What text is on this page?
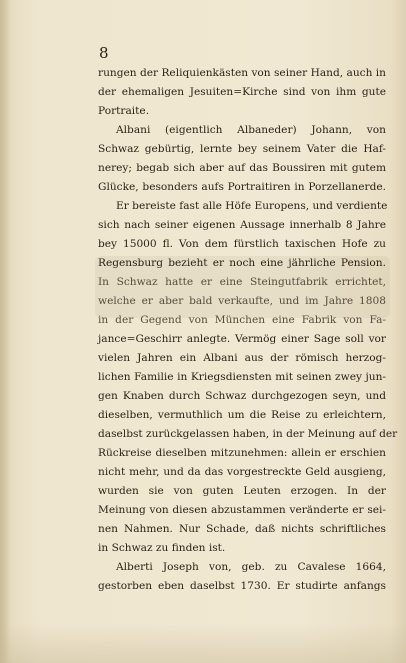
8
rungen der Reliquienkästen von seiner Hand, auch in
der ehemaligen Jesuiten=Kirche sind von ihm gute
Portraite.
Albani (eigentlich Albaneder) Johann, von
Schwaz gebürtig, lernte bey seinem Vater die Haf-
nerey; begab sich aber auf das Boussiren mit gutem
Glücke, besonders aufs Portraitiren in Porzellanerde.
Er bereiste fast alle Höfe Europens, und verdiente
sich nach seiner eigenen Aussage innerhalb 8 Jahre
bey 15000 fl. Von dem fürstlich taxischen Hofe zu
Regensburg bezieht er noch eine jährliche Pension.
In Schwaz hatte er eine Steingutfabrik errichtet,
welche er aber bald verkaufte, und im Jahre 1808
in der Gegend von München eine Fabrik von Fa-
jance=Geschirr anlegte. Vermög einer Sage soll vor
vielen Jahren ein Albani aus der römisch herzog-
lichen Familie in Kriegsdiensten mit seinen zwey jun-
gen Knaben durch Schwaz durchgezogen seyn, und
dieselben, vermuthlich um die Reise zu erleichtern,
daselbst zurückgelassen haben, in der Meinung auf der
Rückreise dieselben mitzunehmen: allein er erschien
nicht mehr, und da das vorgestreckte Geld ausgieng,
wurden sie von guten Leuten erzogen. In der
Meinung von diesen abzustammen veränderte er sei-
nen Nahmen. Nur Schade, daß nichts schriftliches
in Schwaz zu finden ist.
Alberti Joseph von, geb. zu Cavalese 1664,
gestorben eben daselbst 1730. Er studirte anfangs
